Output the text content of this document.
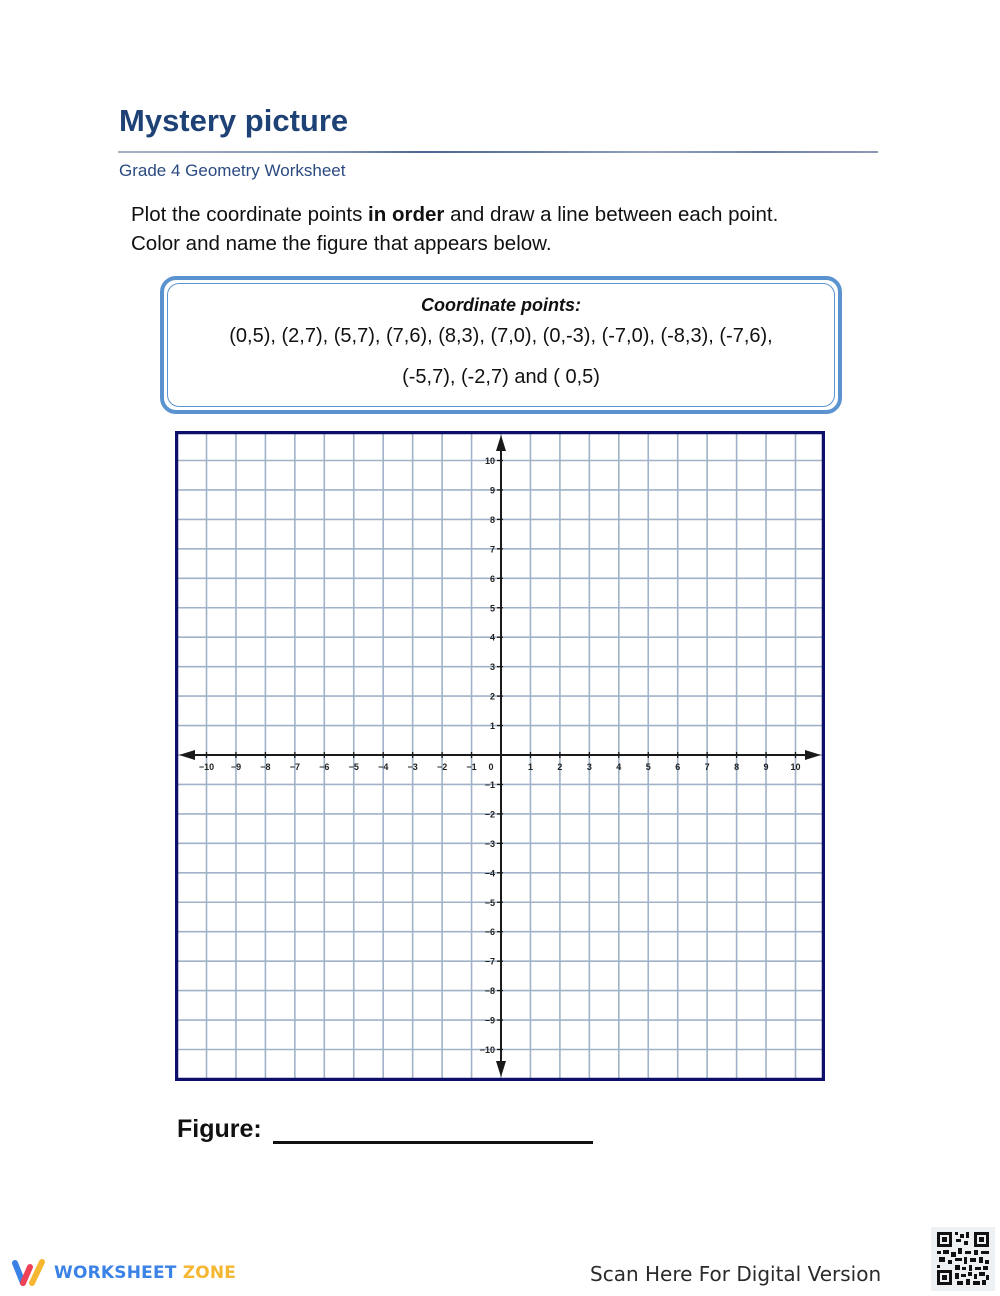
Mystery picture
Grade 4 Geometry Worksheet
Plot the coordinate points in order and draw a line between each point.
Color and name the figure that appears below.
Coordinate points:
(0,5), (2,7), (5,7), (7,6), (8,3), (7,0), (0,-3), (-7,0), (-8,3), (-7,6),
(-5,7), (-2,7) and ( 0,5)
−10 −9 −8 −7 −6 −5 −4 −3 −2 −1 0	1	2	3	4	5	6	7	8	9 10
10
9
8
7
6
5
4
3
2
1
−1
−2
−3
−4
−5
−6
−7
−8
−9
−10
Figure:
WORKSHEET ZONE	Scan Here For Digital Version
